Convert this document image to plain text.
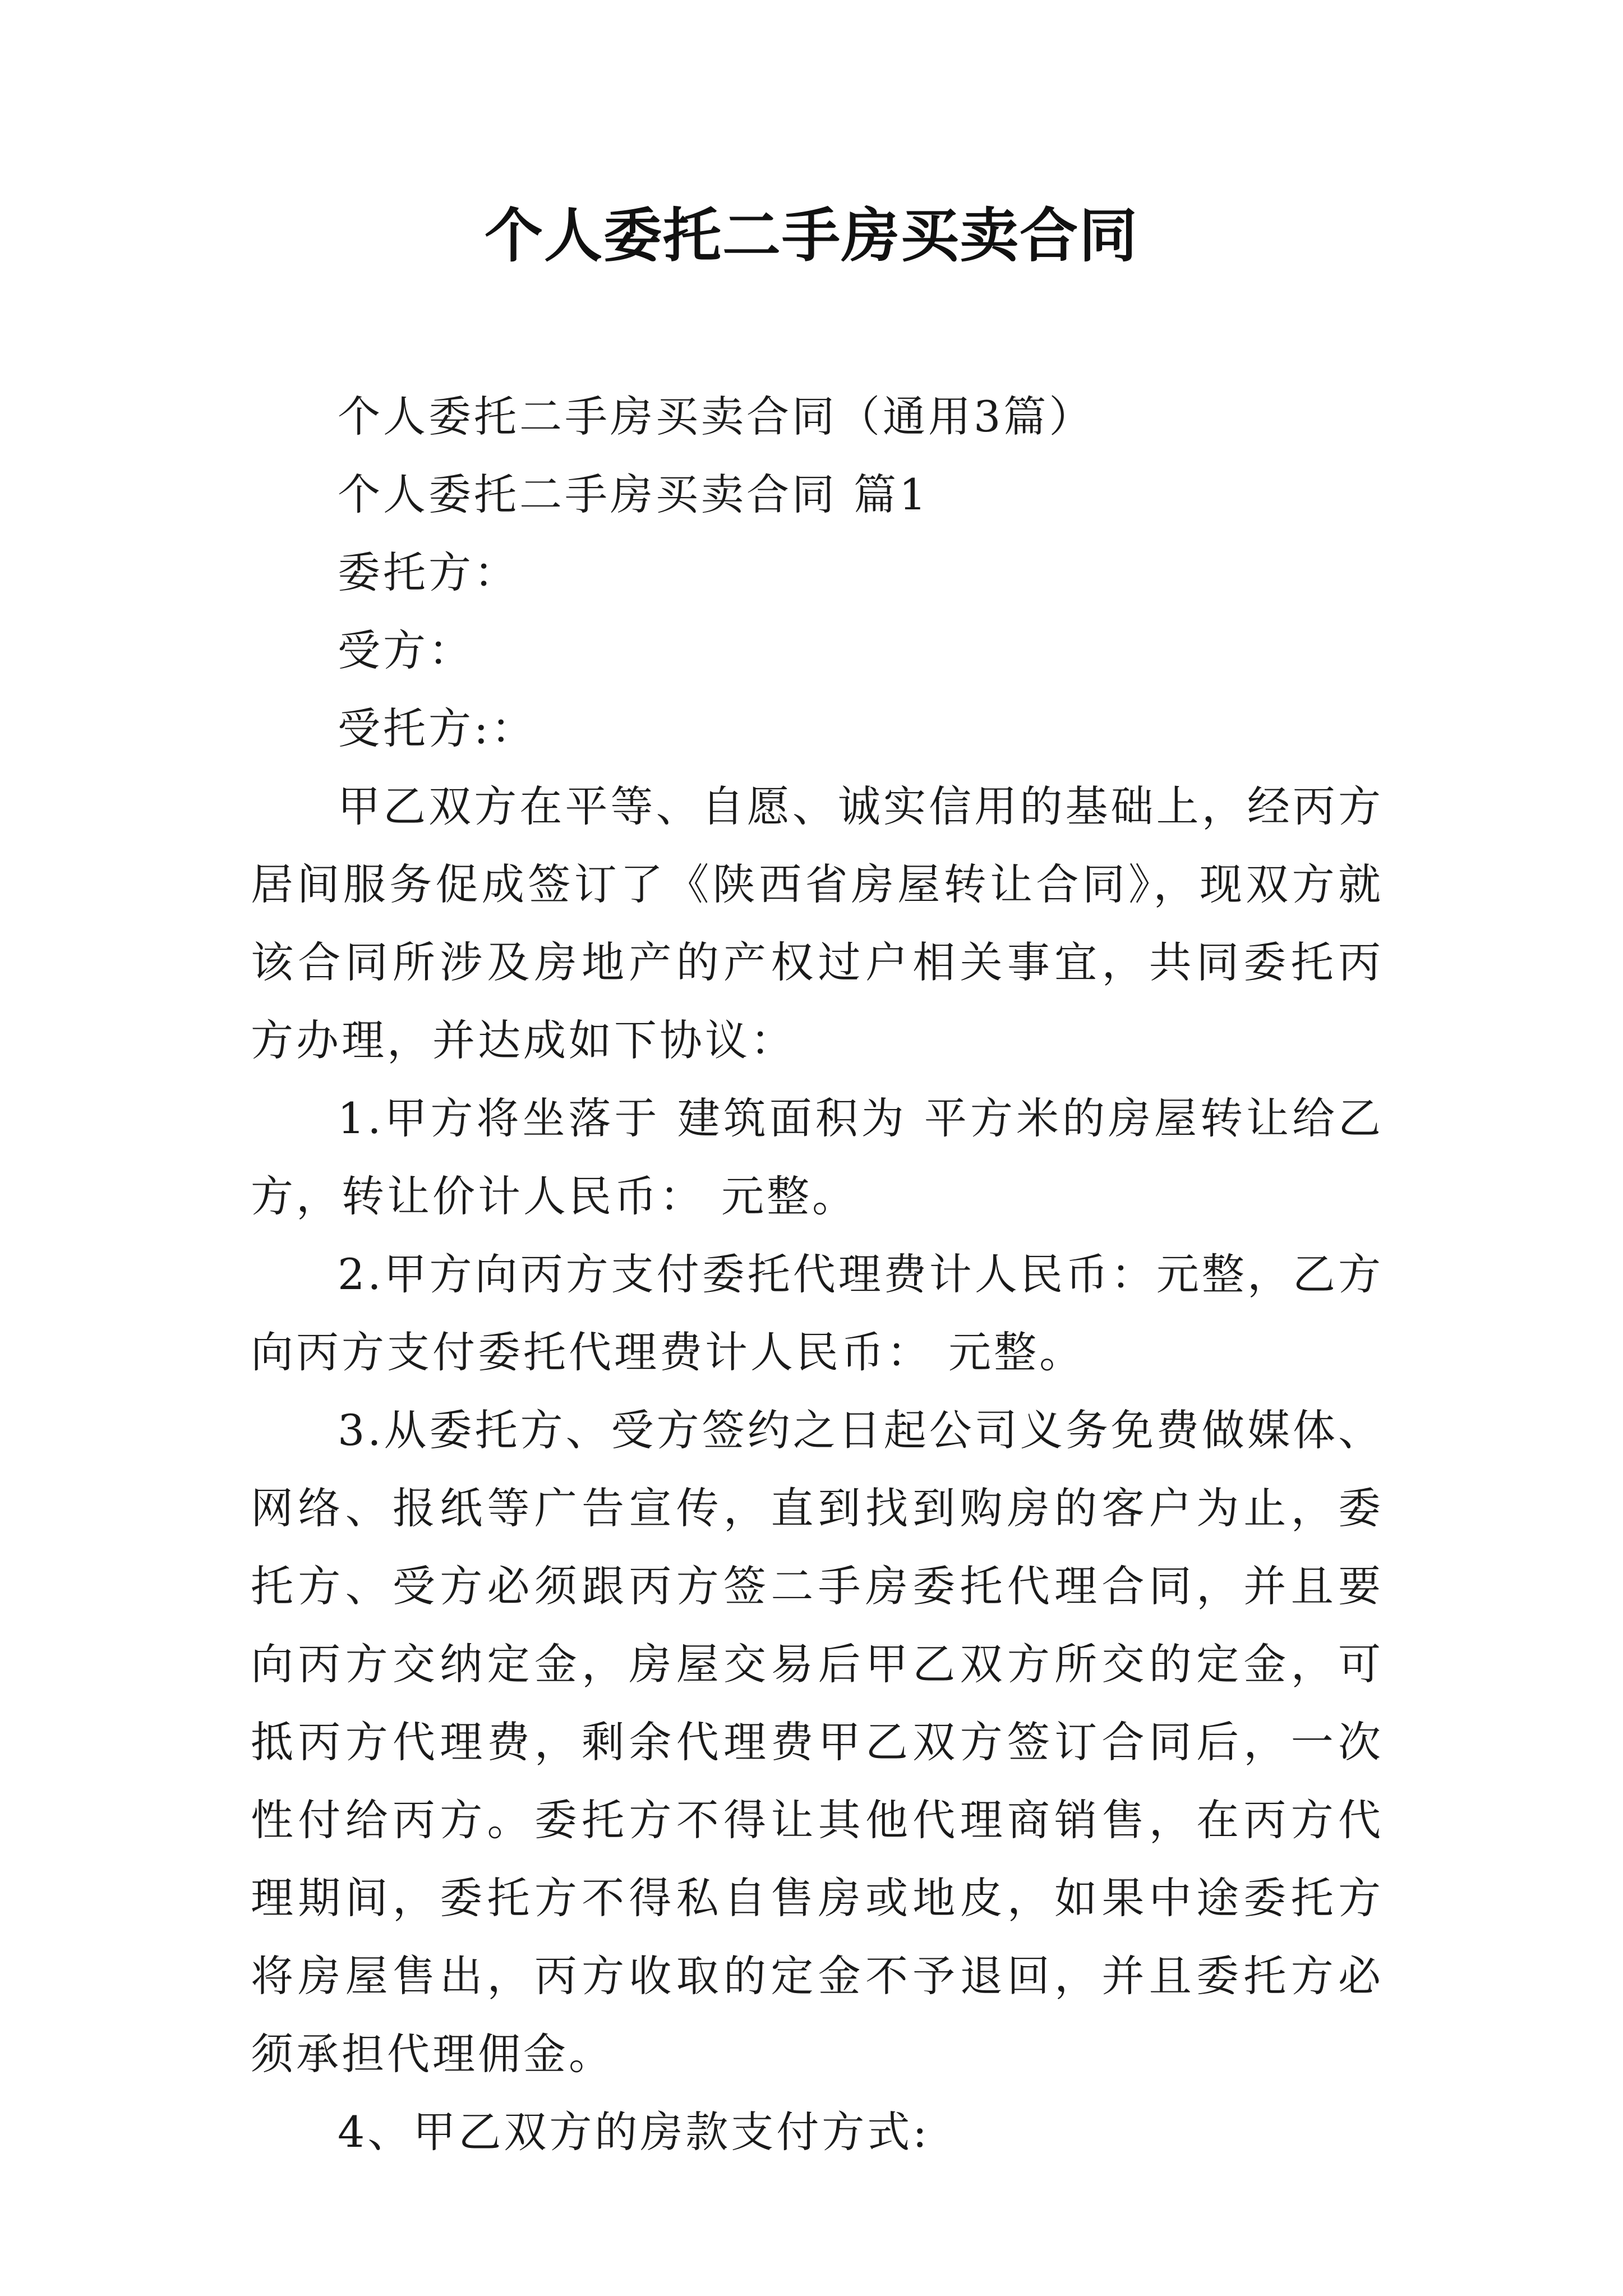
个人委托二手房买卖合同

个人委托二手房买卖合同（通用3篇）

个人委托二手房买卖合同 篇1

委托方：

受方：

受托方:：

甲乙双方在平等、自愿、诚实信用的基础上，经丙方居间服务促成签订了《陕西省房屋转让合同》，现双方就该合同所涉及房地产的产权过户相关事宜，共同委托丙方办理，并达成如下协议：

1.甲方将坐落于 建筑面积为 平方米的房屋转让给乙方，转让价计人民币： 元整。

2.甲方向丙方支付委托代理费计人民币：元整，乙方向丙方支付委托代理费计人民币： 元整。

3.从委托方、受方签约之日起公司义务免费做媒体、网络、报纸等广告宣传，直到找到购房的客户为止，委托方、受方必须跟丙方签二手房委托代理合同，并且要向丙方交纳定金，房屋交易后甲乙双方所交的定金，可抵丙方代理费，剩余代理费甲乙双方签订合同后，一次性付给丙方。委托方不得让其他代理商销售，在丙方代理期间，委托方不得私自售房或地皮，如果中途委托方将房屋售出，丙方收取的定金不予退回，并且委托方必须承担代理佣金。

4、甲乙双方的房款支付方式:
